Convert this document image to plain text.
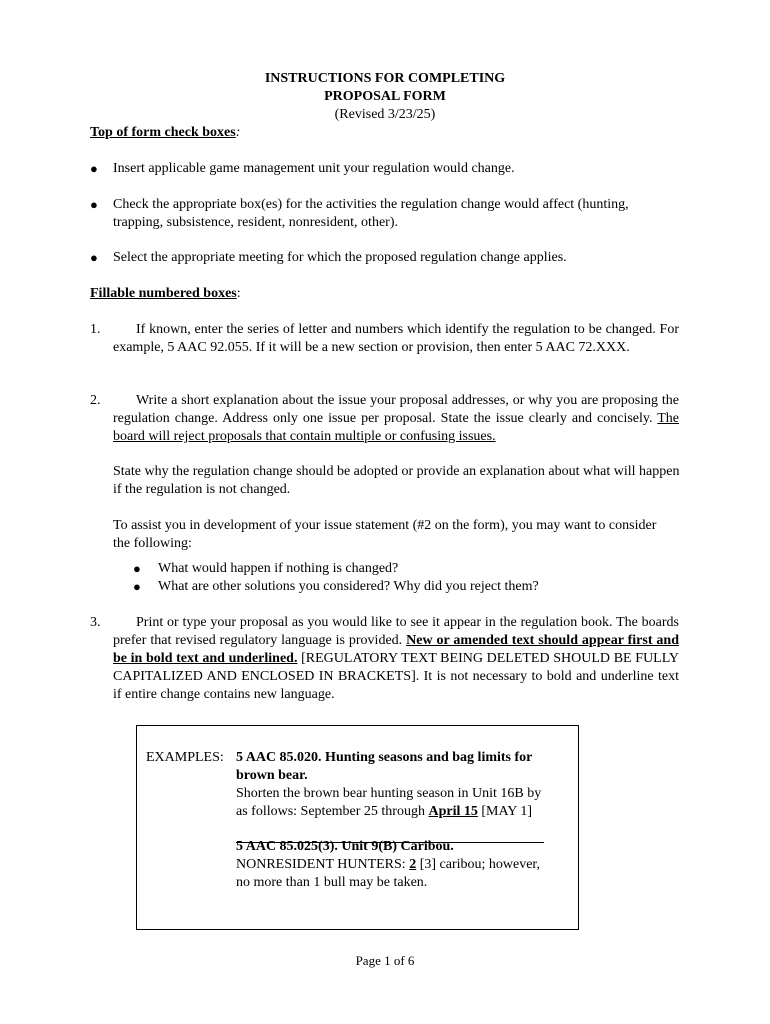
INSTRUCTIONS FOR COMPLETING
PROPOSAL FORM
(Revised 3/23/25)
Top of form check boxes:
● Insert applicable game management unit your regulation would change.
● Check the appropriate box(es) for the activities the regulation change would affect (hunting, trapping, subsistence, resident, nonresident, other).
● Select the appropriate meeting for which the proposed regulation change applies.
Fillable numbered boxes:
1.	If known, enter the series of letter and numbers which identify the regulation to be changed. For example, 5 AAC 92.055. If it will be a new section or provision, then enter 5 AAC 72.XXX.
2.	Write a short explanation about the issue your proposal addresses, or why you are proposing the regulation change. Address only one issue per proposal. State the issue clearly and concisely. The board will reject proposals that contain multiple or confusing issues.
State why the regulation change should be adopted or provide an explanation about what will happen if the regulation is not changed.
To assist you in development of your issue statement (#2 on the form), you may want to consider the following:
● What would happen if nothing is changed?
● What are other solutions you considered? Why did you reject them?
3.	Print or type your proposal as you would like to see it appear in the regulation book. The boards prefer that revised regulatory language is provided. New or amended text should appear first and be in bold text and underlined. [REGULATORY TEXT BEING DELETED SHOULD BE FULLY CAPITALIZED AND ENCLOSED IN BRACKETS]. It is not necessary to bold and underline text if entire change contains new language.
EXAMPLES: 5 AAC 85.020. Hunting seasons and bag limits for
brown bear.
Shorten the brown bear hunting season in Unit 16B by
as follows: September 25 through April 15 [MAY 1]
5 AAC 85.025(3). Unit 9(B) Caribou.
NONRESIDENT HUNTERS: 2 [3] caribou; however,
no more than 1 bull may be taken.
Page 1 of 6
